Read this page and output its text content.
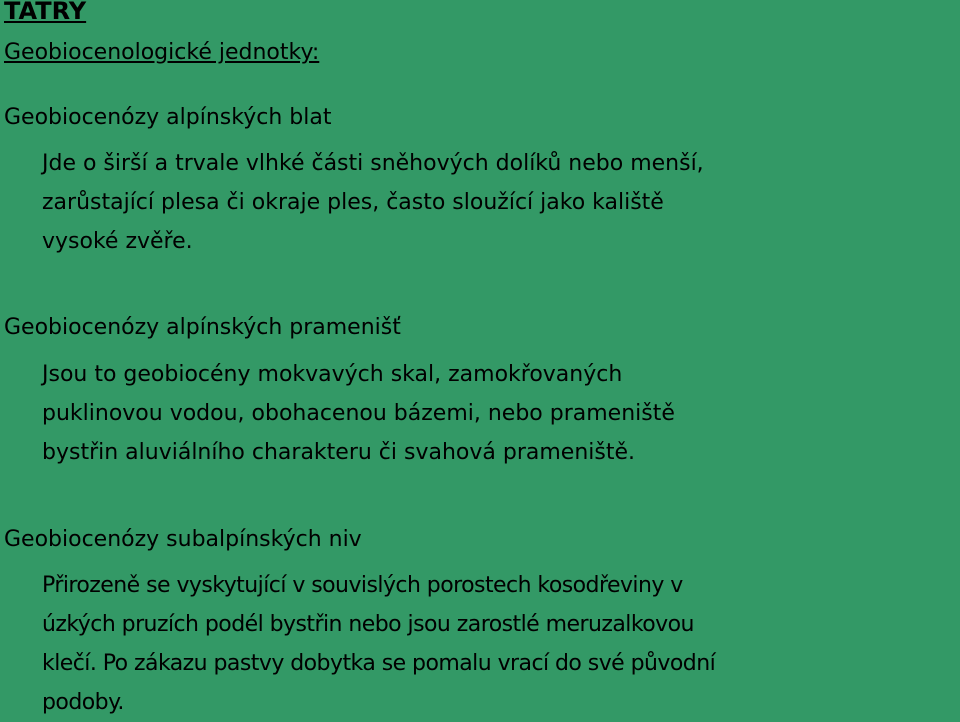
TATRY

Geobiocenologické jednotky:

Geobiocenózy alpínských blat
Jde o širší a trvale vlhké části sněhových dolíků nebo menší,
zarůstající plesa či okraje ples, často sloužící jako kaliště
vysoké zvěře.
Geobiocenózy alpínských pramenišť
Jsou to geobiocény mokvavých skal, zamokřovaných
puklinovou vodou, obohacenou bázemi, nebo prameniště
bystřin aluviálního charakteru či svahová prameniště.
Geobiocenózy subalpínských niv
Přirozeně se vyskytující v souvislých porostech kosodřeviny v
úzkých pruzích podél bystřin nebo jsou zarostlé meruzalkovou
klečí. Po zákazu pastvy dobytka se pomalu vrací do své původní
podoby.
